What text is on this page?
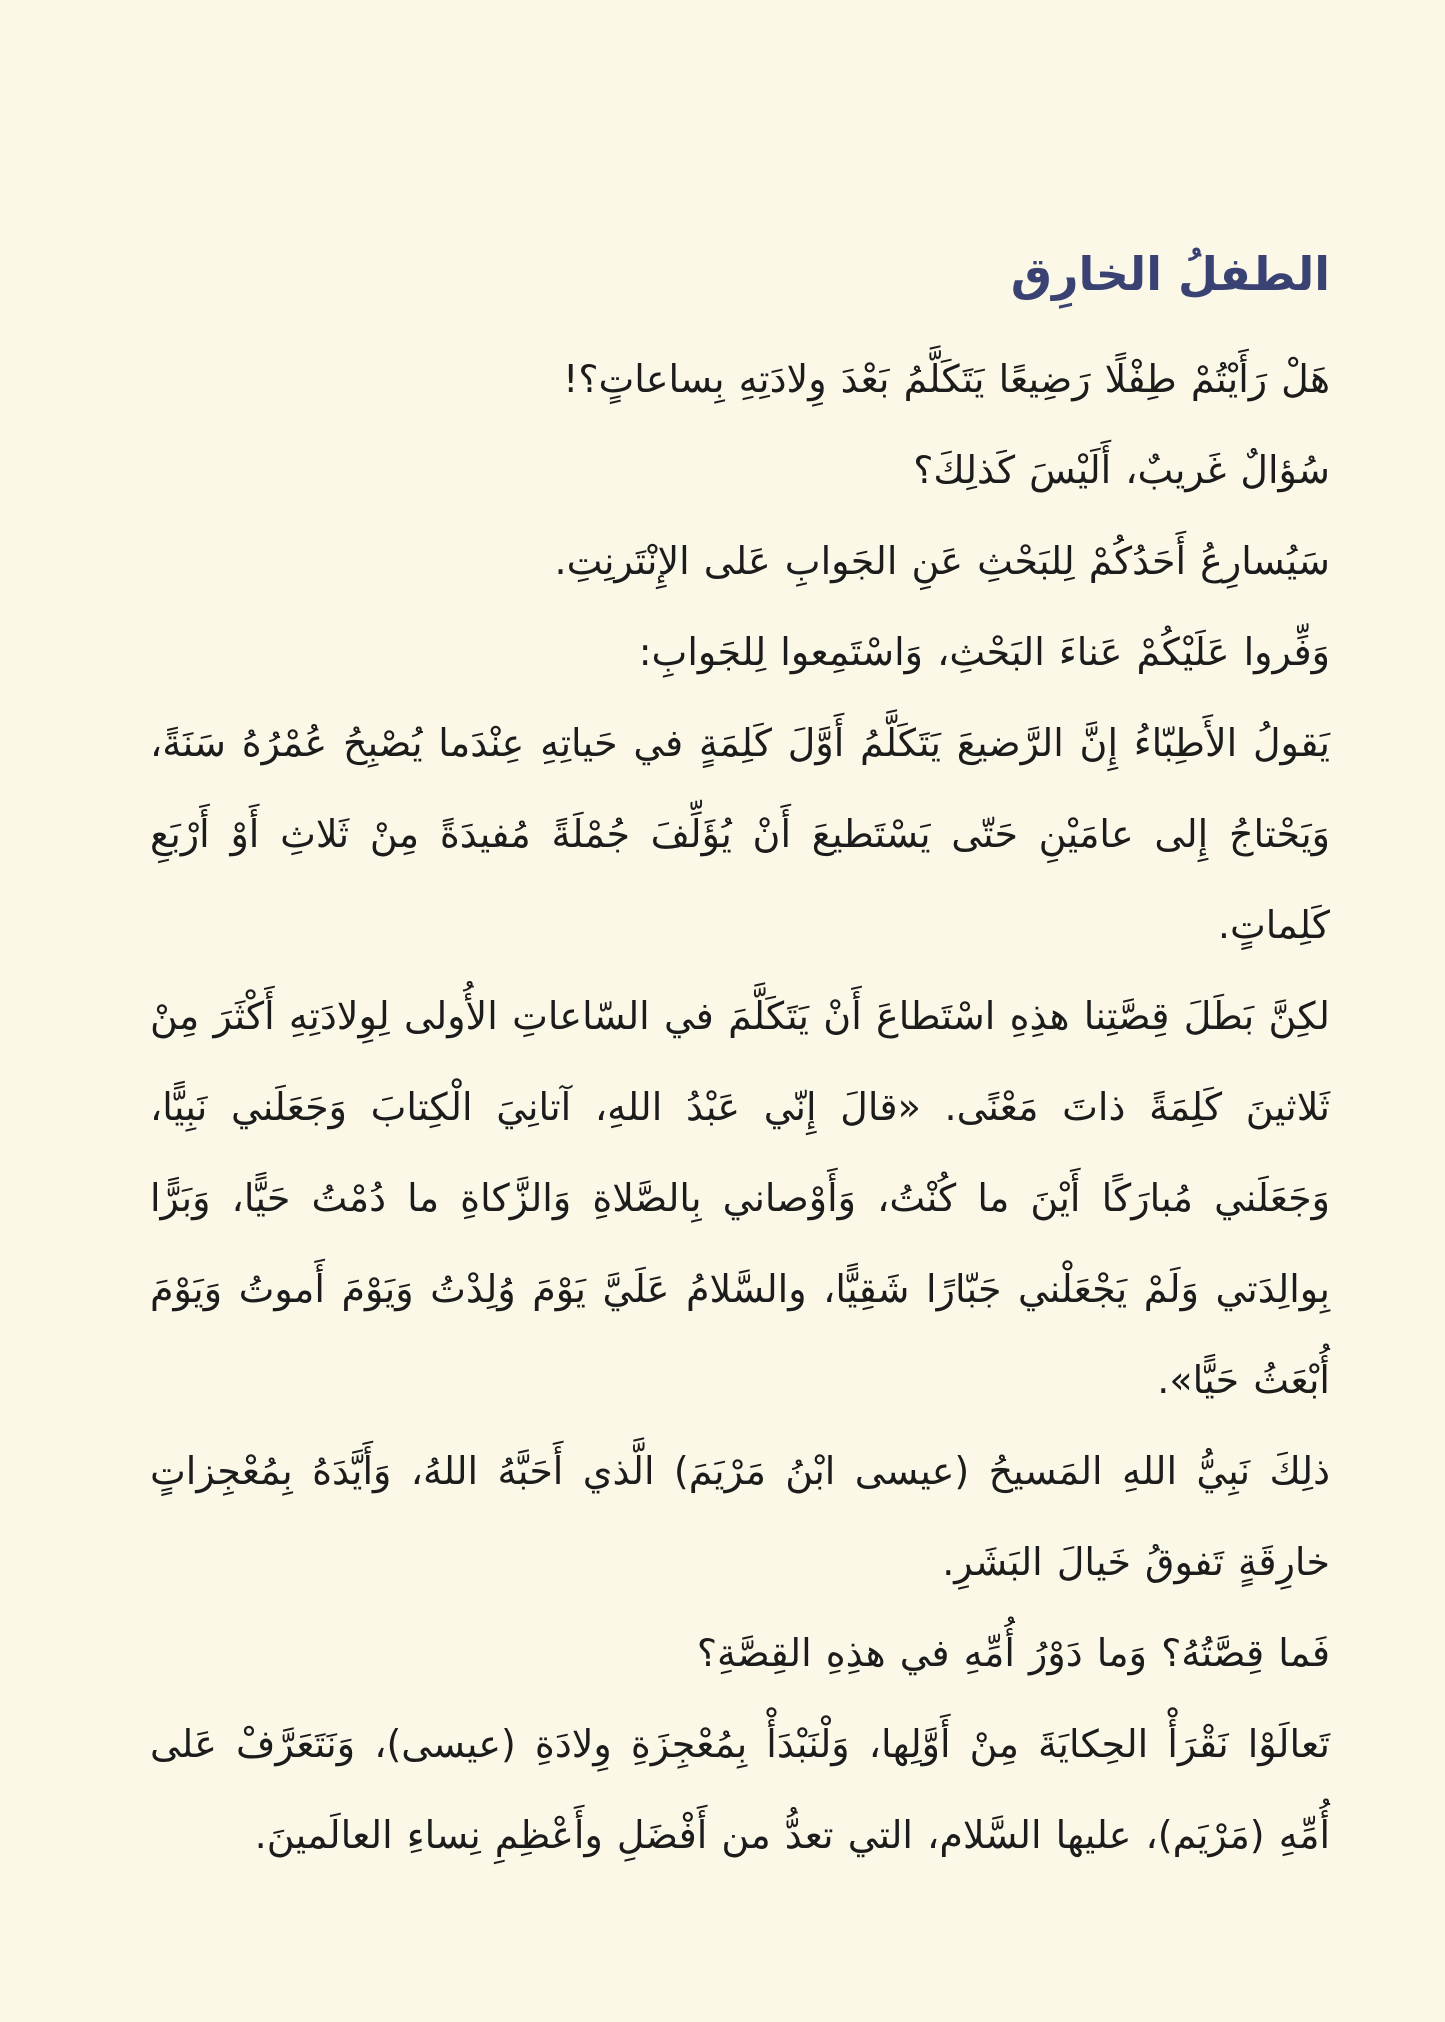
الطفلُ الخارِق

هَلْ رَأَيْتُمْ طِفْلًا رَضِيعًا يَتَكَلَّمُ بَعْدَ وِلادَتِهِ بِساعاتٍ؟!

سُؤالٌ غَريبٌ، أَلَيْسَ كَذلِكَ؟

سَيُسارِعُ أَحَدُكُمْ لِلبَحْثِ عَنِ الجَوابِ عَلى الإِنْتَرنِتِ.

وَفِّروا عَلَيْكُمْ عَناءَ البَحْثِ، وَاسْتَمِعوا لِلجَوابِ:

يَقولُ الأَطِبّاءُ إِنَّ الرَّضيعَ يَتَكَلَّمُ أَوَّلَ كَلِمَةٍ في حَياتِهِ عِنْدَما يُصْبِحُ عُمْرُهُ سَنَةً، وَيَحْتاجُ إِلى عامَيْنِ حَتّى يَسْتَطيعَ أَنْ يُؤَلِّفَ جُمْلَةً مُفيدَةً مِنْ ثَلاثِ أَوْ أَرْبَعِ كَلِماتٍ.

لكِنَّ بَطَلَ قِصَّتِنا هذِهِ اسْتَطاعَ أَنْ يَتَكَلَّمَ في السّاعاتِ الأُولى لِوِلادَتِهِ أَكْثَرَ مِنْ ثَلاثينَ كَلِمَةً ذاتَ مَعْنًى. «قالَ إِنّي عَبْدُ اللهِ، آتانِيَ الْكِتابَ وَجَعَلَني نَبِيًّا، وَجَعَلَني مُبارَكًا أَيْنَ ما كُنْتُ، وَأَوْصاني بِالصَّلاةِ وَالزَّكاةِ ما دُمْتُ حَيًّا، وَبَرًّا بِوالِدَتي وَلَمْ يَجْعَلْني جَبّارًا شَقِيًّا، والسَّلامُ عَلَيَّ يَوْمَ وُلِدْتُ وَيَوْمَ أَموتُ وَيَوْمَ أُبْعَثُ حَيًّا».

ذلِكَ نَبِيُّ اللهِ المَسيحُ (عيسى ابْنُ مَرْيَمَ) الَّذي أَحَبَّهُ اللهُ، وَأَيَّدَهُ بِمُعْجِزاتٍ خارِقَةٍ تَفوقُ خَيالَ البَشَرِ.

فَما قِصَّتُهُ؟ وَما دَوْرُ أُمِّهِ في هذِهِ القِصَّةِ؟

تَعالَوْا نَقْرَأْ الحِكايَةَ مِنْ أَوَّلِها، وَلْنَبْدَأْ بِمُعْجِزَةِ وِلادَةِ (عيسى)، وَنَتَعَرَّفْ عَلى أُمِّهِ (مَرْيَم)، عليها السَّلام، التي تعدُّ من أَفْضَلِ وأَعْظِمِ نِساءِ العالَمينَ.
